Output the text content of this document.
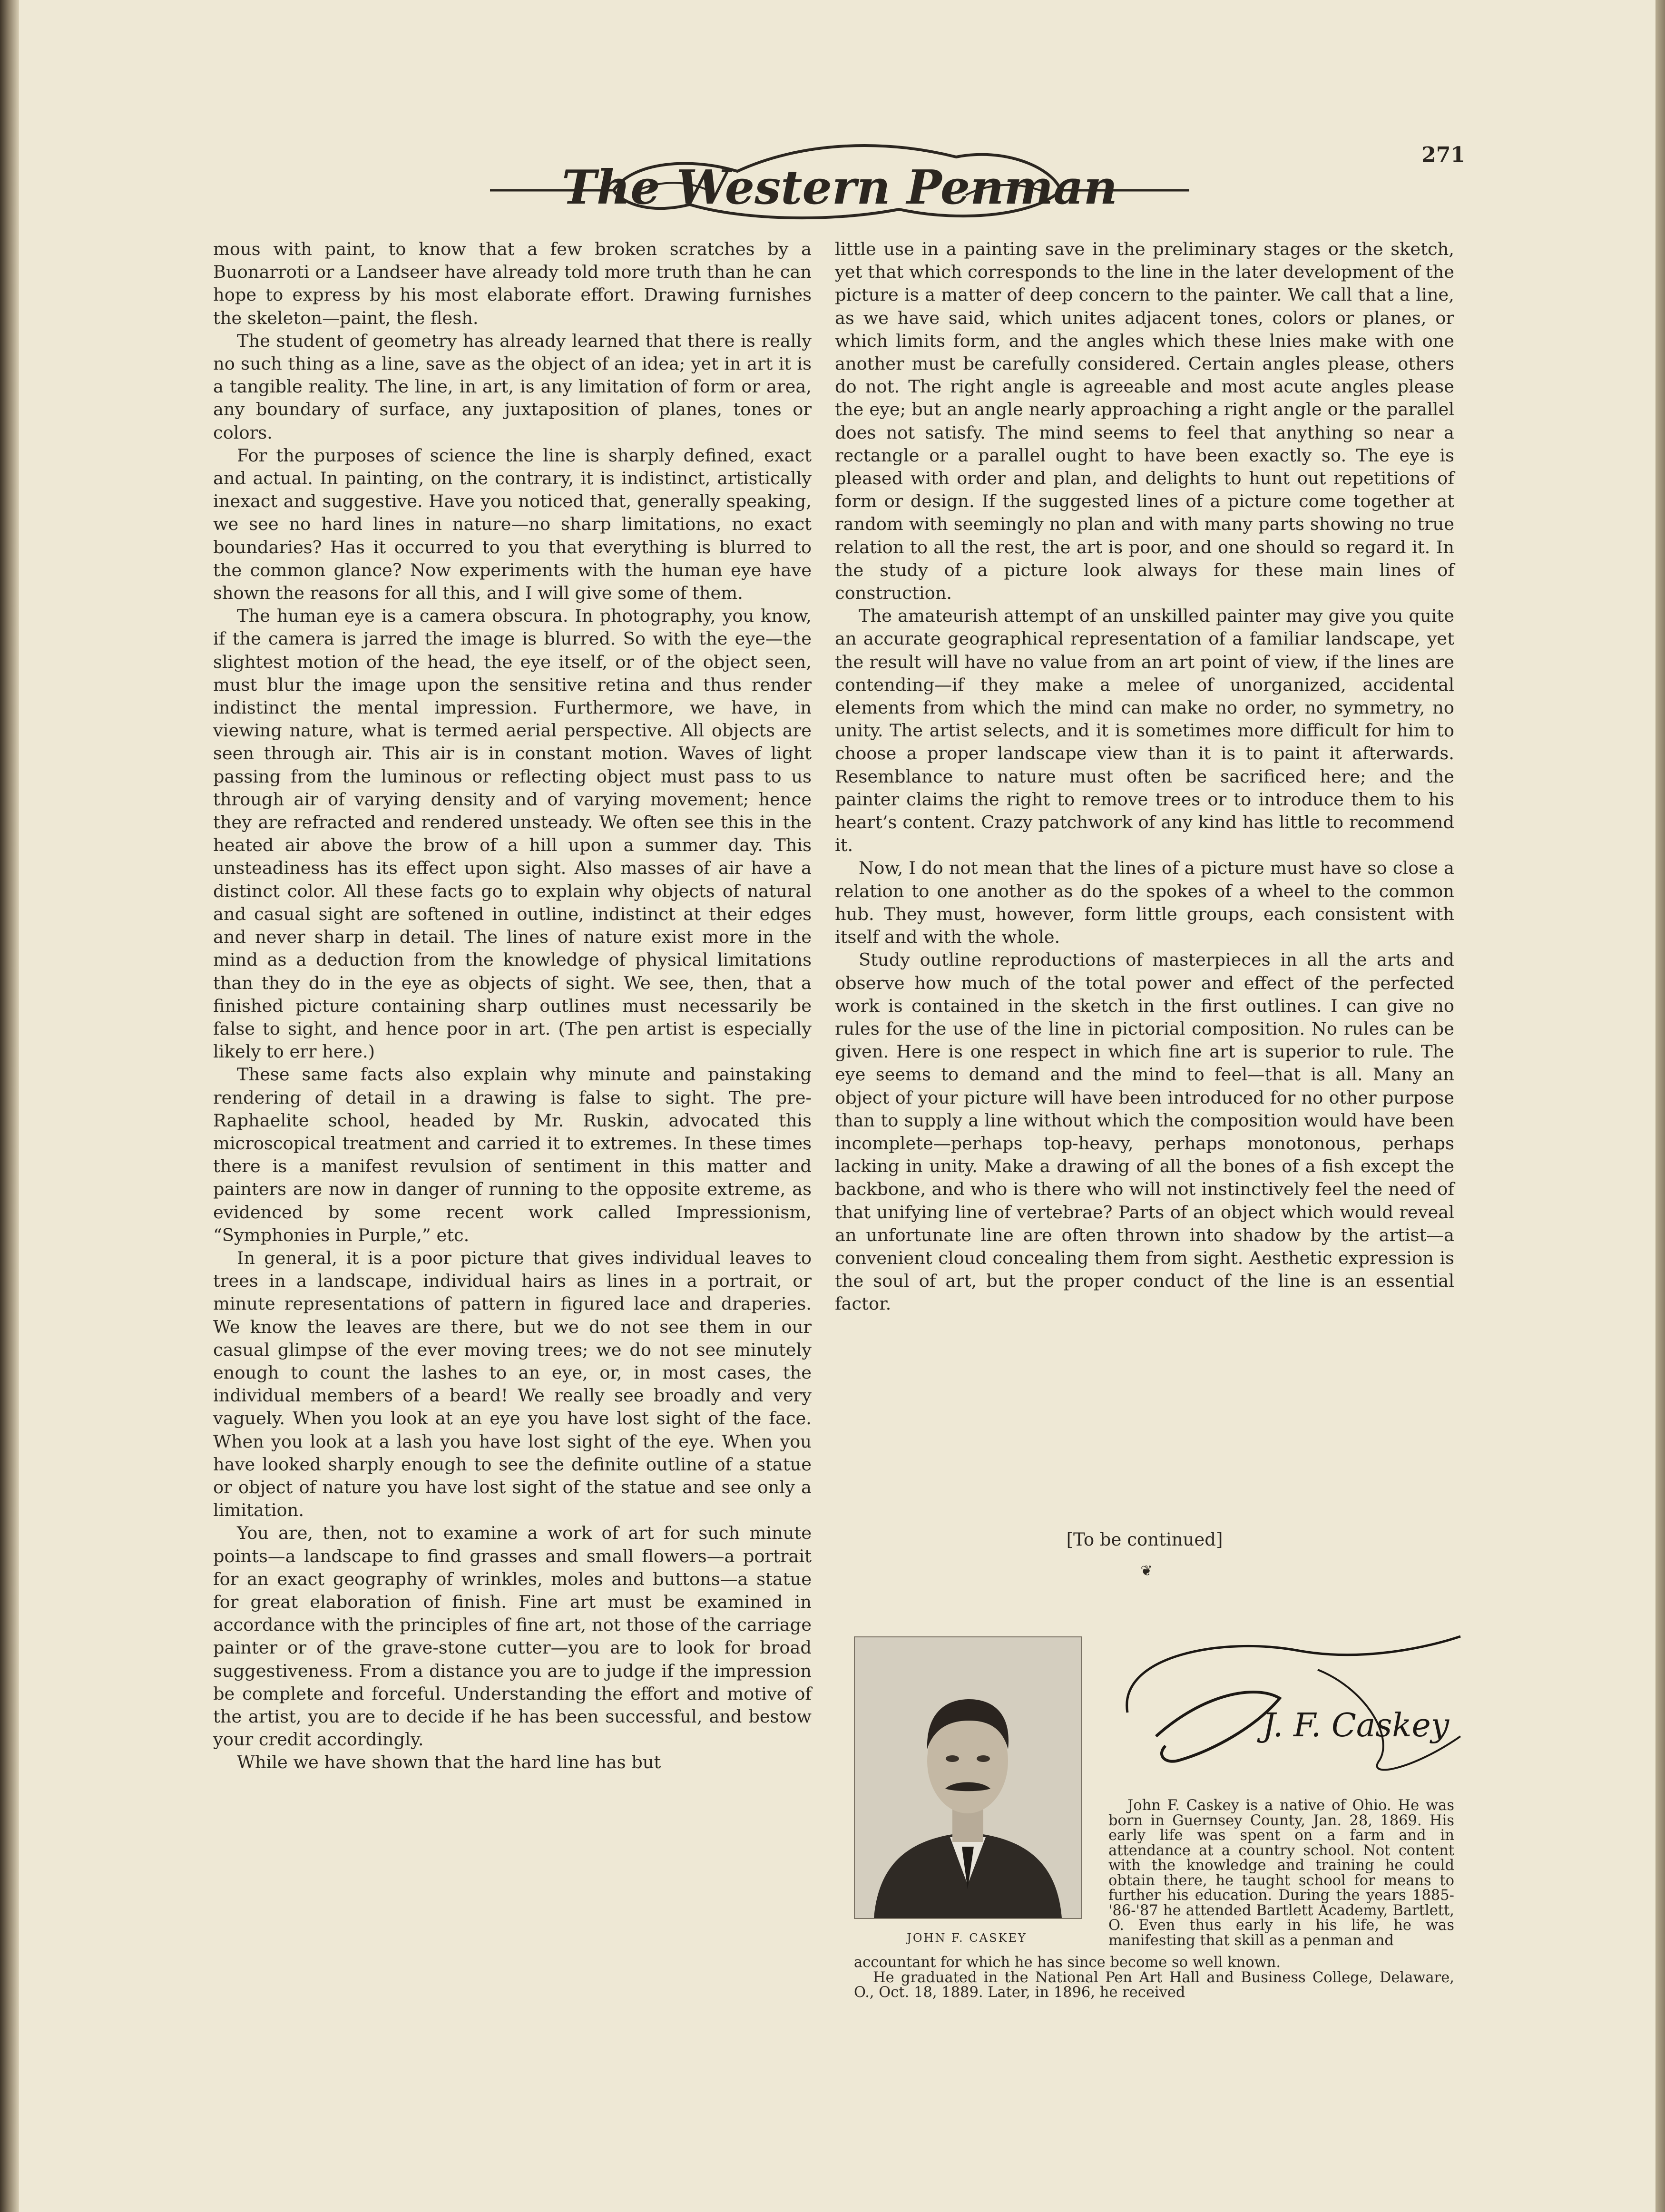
The Western Penman
271

mous with paint, to know that a few broken scratches by a Buonarroti or a Landseer have already told more truth than he can hope to express by his most elaborate effort. Drawing furnishes the skeleton—paint, the flesh.

The student of geometry has already learned that there is really no such thing as a line, save as the object of an idea; yet in art it is a tangible reality. The line, in art, is any limitation of form or area, any boundary of surface, any juxtaposition of planes, tones or colors.

For the purposes of science the line is sharply defined, exact and actual. In painting, on the contrary, it is indistinct, artistically inexact and suggestive. Have you noticed that, generally speaking, we see no hard lines in nature—no sharp limitations, no exact boundaries? Has it occurred to you that everything is blurred to the common glance? Now experiments with the human eye have shown the reasons for all this, and I will give some of them.

The human eye is a camera obscura. In photography, you know, if the camera is jarred the image is blurred. So with the eye—the slightest motion of the head, the eye itself, or of the object seen, must blur the image upon the sensitive retina and thus render indistinct the mental impression. Furthermore, we have, in viewing nature, what is termed aerial perspective. All objects are seen through air. This air is in constant motion. Waves of light passing from the luminous or reflecting object must pass to us through air of varying density and of varying movement; hence they are refracted and rendered unsteady. We often see this in the heated air above the brow of a hill upon a summer day. This unsteadiness has its effect upon sight. Also masses of air have a distinct color. All these facts go to explain why objects of natural and casual sight are softened in outline, indistinct at their edges and never sharp in detail. The lines of nature exist more in the mind as a deduction from the knowledge of physical limitations than they do in the eye as objects of sight. We see, then, that a finished picture containing sharp outlines must necessarily be false to sight, and hence poor in art. (The pen artist is especially likely to err here.)

These same facts also explain why minute and painstaking rendering of detail in a drawing is false to sight. The pre-Raphaelite school, headed by Mr. Ruskin, advocated this microscopical treatment and carried it to extremes. In these times there is a manifest revulsion of sentiment in this matter and painters are now in danger of running to the opposite extreme, as evidenced by some recent work called Impressionism, “Symphonies in Purple,” etc.

In general, it is a poor picture that gives individual leaves to trees in a landscape, individual hairs as lines in a portrait, or minute representations of pattern in figured lace and draperies. We know the leaves are there, but we do not see them in our casual glimpse of the ever moving trees; we do not see minutely enough to count the lashes to an eye, or, in most cases, the individual members of a beard! We really see broadly and very vaguely. When you look at an eye you have lost sight of the face. When you look at a lash you have lost sight of the eye. When you have looked sharply enough to see the definite outline of a statue or object of nature you have lost sight of the statue and see only a limitation.

You are, then, not to examine a work of art for such minute points—a landscape to find grasses and small flowers—a portrait for an exact geography of wrinkles, moles and buttons—a statue for great elaboration of finish. Fine art must be examined in accordance with the principles of fine art, not those of the carriage painter or of the grave-stone cutter—you are to look for broad suggestiveness. From a distance you are to judge if the impression be complete and forceful. Understanding the effort and motive of the artist, you are to decide if he has been successful, and bestow your credit accordingly.

While we have shown that the hard line has but

little use in a painting save in the preliminary stages or the sketch, yet that which corresponds to the line in the later development of the picture is a matter of deep concern to the painter. We call that a line, as we have said, which unites adjacent tones, colors or planes, or which limits form, and the angles which these lnies make with one another must be carefully considered. Certain angles please, others do not. The right angle is agreeable and most acute angles please the eye; but an angle nearly approaching a right angle or the parallel does not satisfy. The mind seems to feel that anything so near a rectangle or a parallel ought to have been exactly so. The eye is pleased with order and plan, and delights to hunt out repetitions of form or design. If the suggested lines of a picture come together at random with seemingly no plan and with many parts showing no true relation to all the rest, the art is poor, and one should so regard it. In the study of a picture look always for these main lines of construction.

The amateurish attempt of an unskilled painter may give you quite an accurate geographical representation of a familiar landscape, yet the result will have no value from an art point of view, if the lines are contending—if they make a melee of unorganized, accidental elements from which the mind can make no order, no symmetry, no unity. The artist selects, and it is sometimes more difficult for him to choose a proper landscape view than it is to paint it afterwards. Resemblance to nature must often be sacrificed here; and the painter claims the right to remove trees or to introduce them to his heart’s content. Crazy patchwork of any kind has little to recommend it.

Now, I do not mean that the lines of a picture must have so close a relation to one another as do the spokes of a wheel to the common hub. They must, however, form little groups, each consistent with itself and with the whole.

Study outline reproductions of masterpieces in all the arts and observe how much of the total power and effect of the perfected work is contained in the sketch in the first outlines. I can give no rules for the use of the line in pictorial composition. No rules can be given. Here is one respect in which fine art is superior to rule. The eye seems to demand and the mind to feel—that is all. Many an object of your picture will have been introduced for no other purpose than to supply a line without which the composition would have been incomplete—perhaps top-heavy, perhaps monotonous, perhaps lacking in unity. Make a drawing of all the bones of a fish except the backbone, and who is there who will not instinctively feel the need of that unifying line of vertebrae? Parts of an object which would reveal an unfortunate line are often thrown into shadow by the artist—a convenient cloud concealing them from sight. Aesthetic expression is the soul of art, but the proper conduct of the line is an essential factor.

[To be continued]
❦
JOHN F. CASKEY
J. F. Caskey

John F. Caskey is a native of Ohio. He was born in Guernsey County, Jan. 28, 1869. His early life was spent on a farm and in attendance at a country school. Not content with the knowledge and training he could obtain there, he taught school for means to further his education. During the years 1885-'86-'87 he attended Bartlett Academy, Bartlett, O. Even thus early in his life, he was manifesting that skill as a penman and

accountant for which he has since become so well known.

He graduated in the National Pen Art Hall and Business College, Delaware, O., Oct. 18, 1889. Later, in 1896, he received
